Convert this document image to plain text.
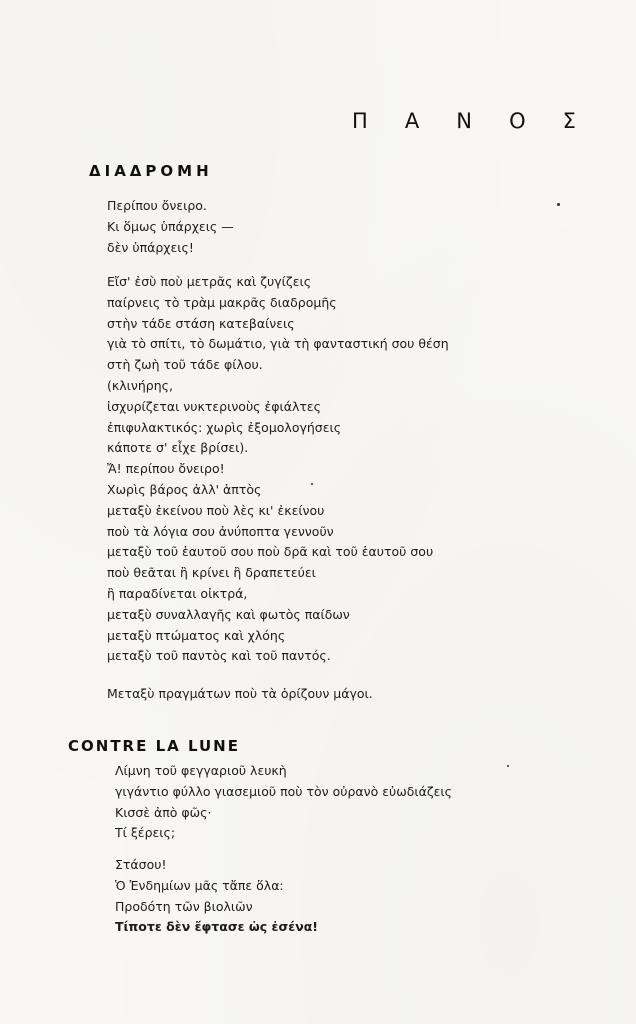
Π Α Ν Ο Σ
ΔΙΑΔΡΟΜΗ
Περίπου ὄνειρο.
Κι ὅμως ὑπάρχεις —
δὲν ὑπάρχεις!
Εἴσ' ἐσὺ ποὺ μετρᾶς καὶ ζυγίζεις
παίρνεις τὸ τρὰμ μακρᾶς διαδρομῆς
στὴν τάδε στάση κατεβαίνεις
γιὰ τὸ σπίτι, τὸ δωμάτιο, γιὰ τὴ φανταστική σου θέση
στὴ ζωὴ τοῦ τάδε φίλου.
(κλινήρης,
ἰσχυρίζεται νυκτερινοὺς ἐφιάλτες
ἐπιφυλακτικός: χωρὶς ἐξομολογήσεις
κάποτε σ' εἶχε βρίσει).
Ἄ! περίπου ὄνειρο!
Χωρὶς βάρος ἀλλ' ἁπτὸς
μεταξὺ ἐκείνου ποὺ λὲς κι' ἐκείνου
ποὺ τὰ λόγια σου ἀνύποπτα γεννοῦν
μεταξὺ τοῦ ἑαυτοῦ σου ποὺ δρᾶ καὶ τοῦ ἑαυτοῦ σου
ποὺ θεᾶται ἢ κρίνει ἢ δραπετεύει
ἢ παραδίνεται οἰκτρά,
μεταξὺ συναλλαγῆς καὶ φωτὸς παίδων
μεταξὺ πτώματος καὶ χλόης
μεταξὺ τοῦ παντὸς καὶ τοῦ παντός.
Μεταξὺ πραγμάτων ποὺ τὰ ὁρίζουν μάγοι.
CONTRE LA LUNE
Λίμνη τοῦ φεγγαριοῦ λευκὴ
γιγάντιο φύλλο γιασεμιοῦ ποὺ τὸν οὐρανὸ εὐωδιάζεις
Κισσὲ ἀπὸ φῶς·
Τί ξέρεις;
Στάσου!
Ὁ Ἐνδημίων μᾶς τἄπε ὅλα:
Προδότη τῶν βιολιῶν
Τίποτε δὲν ἔφτασε ὡς ἐσένα!
